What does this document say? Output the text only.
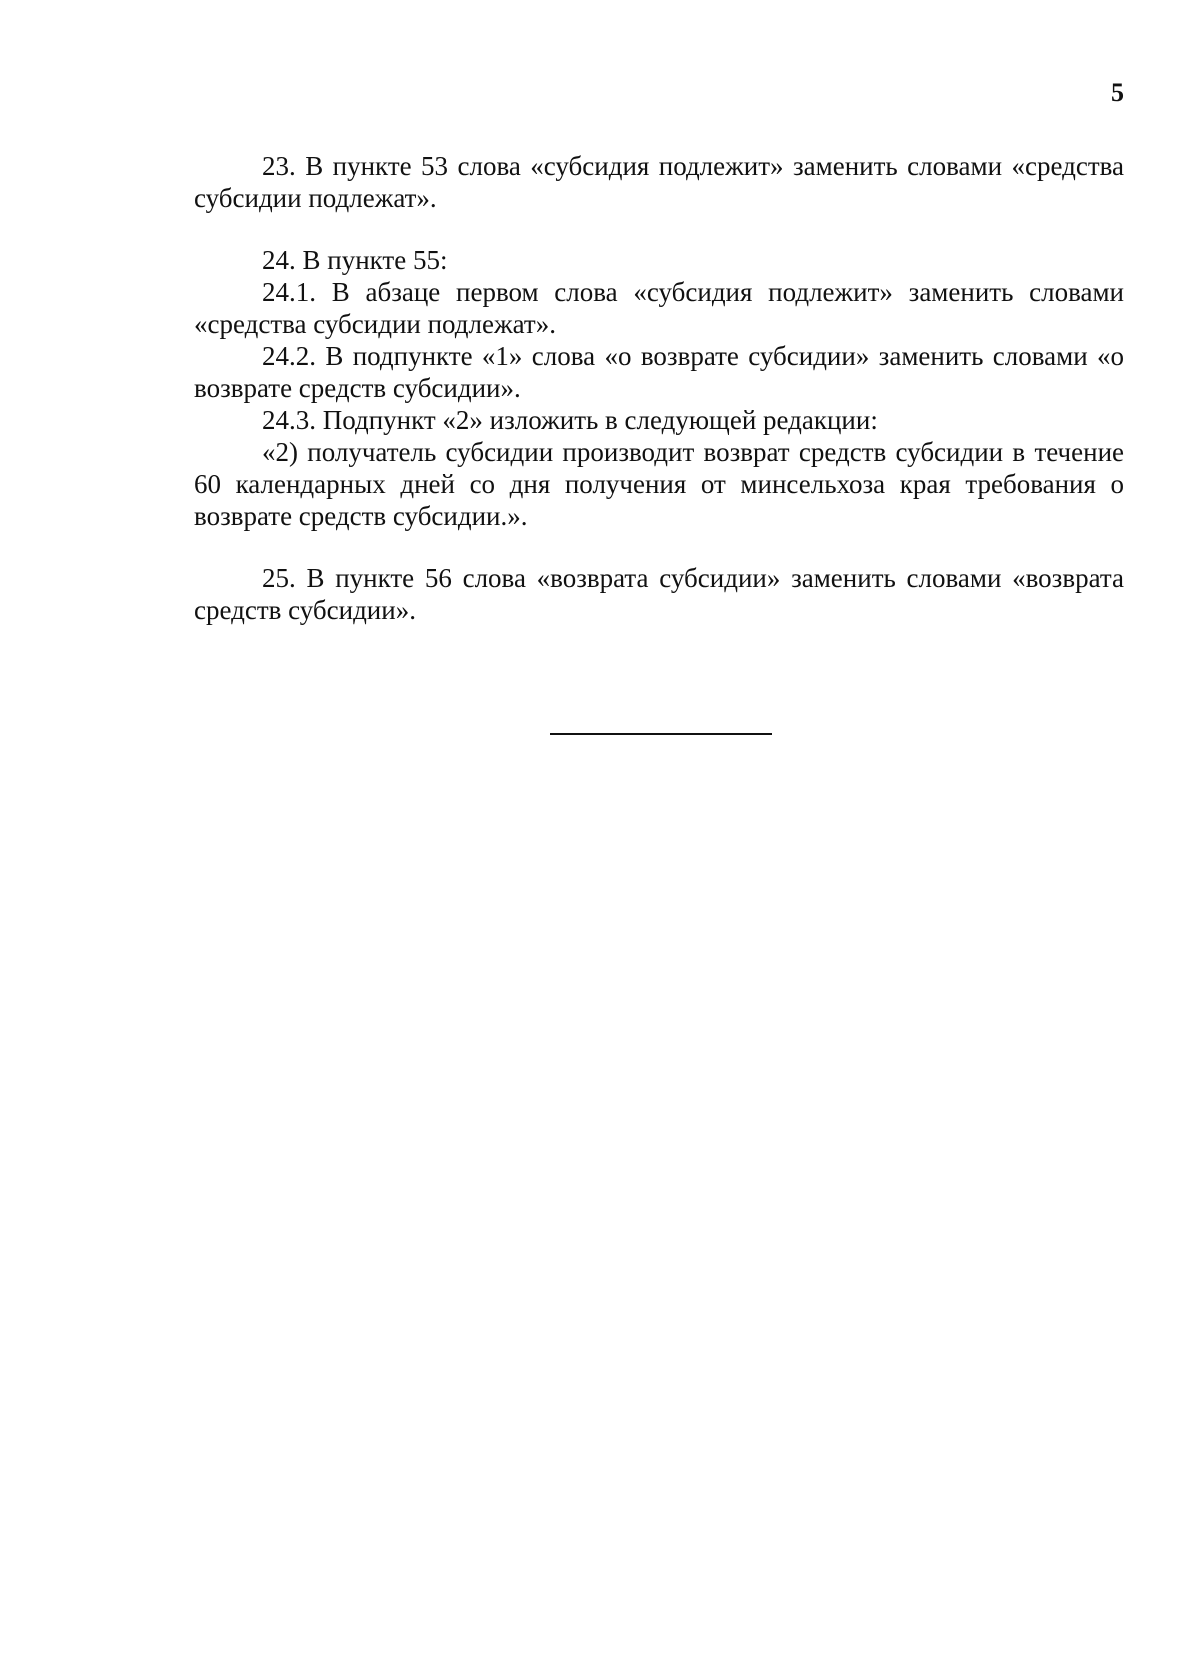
5

23. В пункте 53 слова «субсидия подлежит» заменить словами «средства субсидии подлежат».

24. В пункте 55:

24.1. В абзаце первом слова «субсидия подлежит» заменить словами «средства субсидии подлежат».

24.2. В подпункте «1» слова «о возврате субсидии» заменить словами «о возврате средств субсидии».

24.3. Подпункт «2» изложить в следующей редакции:

«2) получатель субсидии производит возврат средств субсидии в течение 60 календарных дней со дня получения от минсельхоза края требования о возврате средств субсидии.».

25. В пункте 56 слова «возврата субсидии» заменить словами «возврата средств субсидии».
